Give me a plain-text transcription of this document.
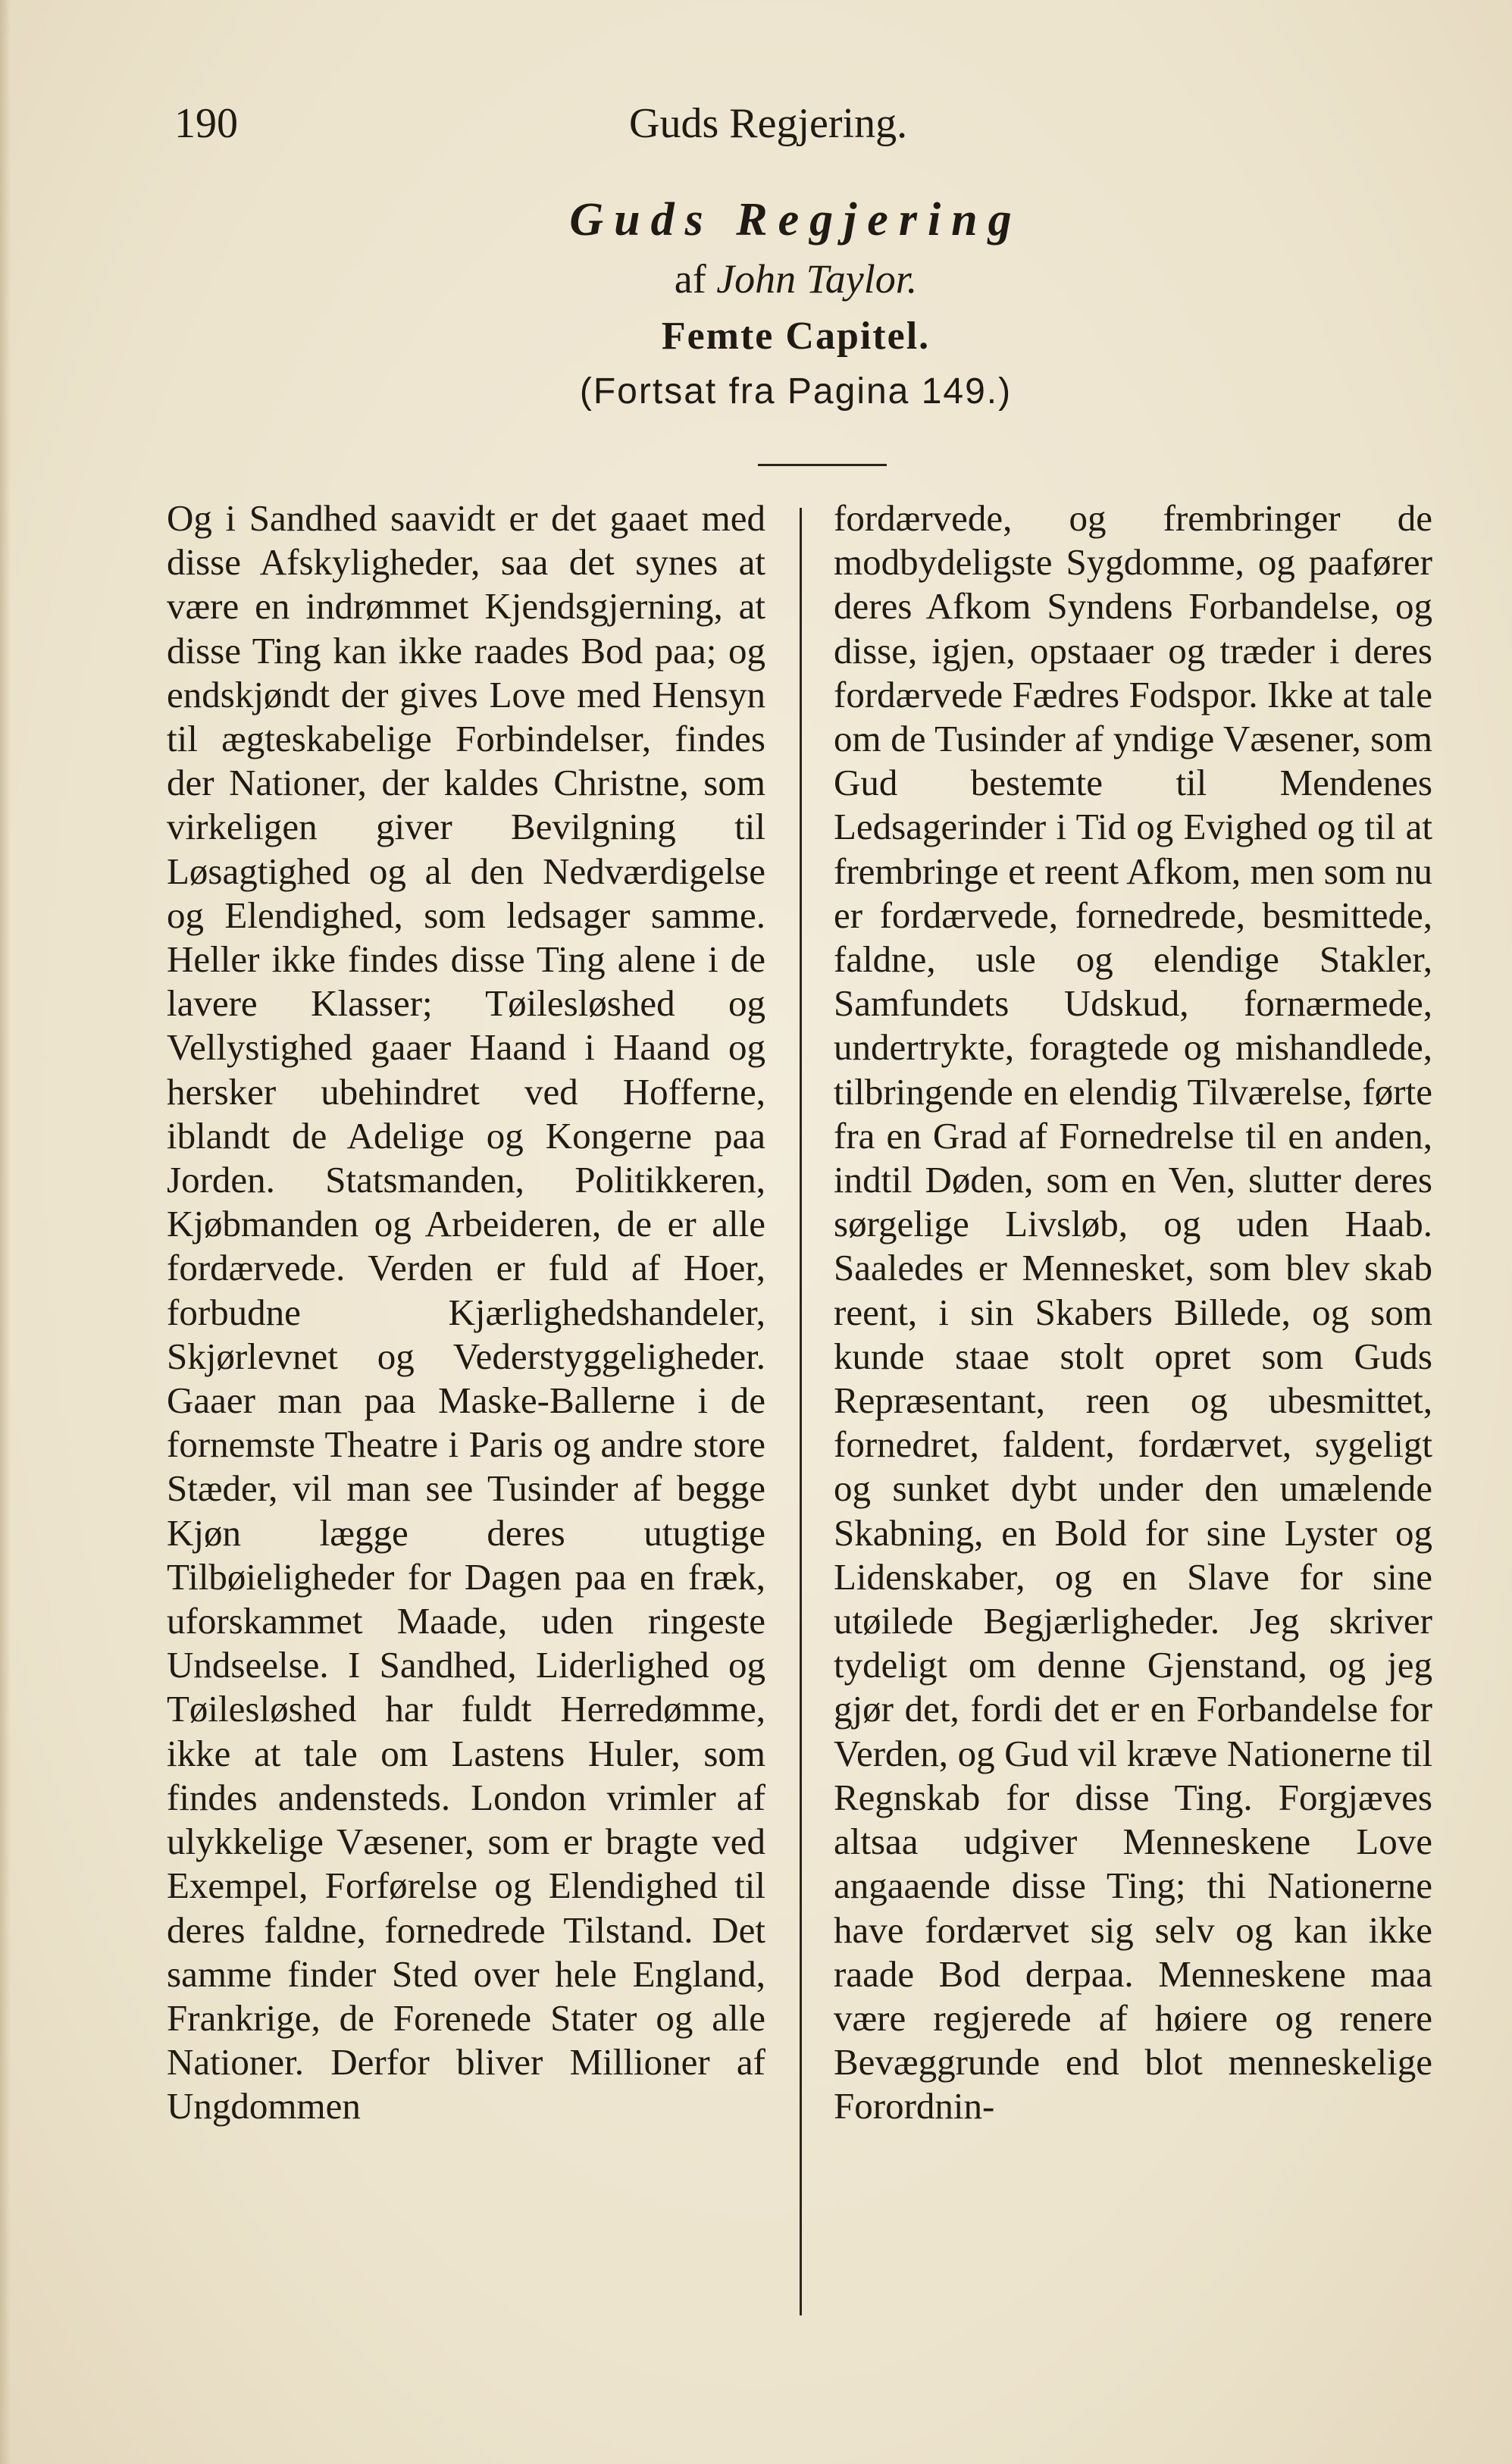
190	Guds Regjering.
Guds Regjering
af John Taylor.
Femte Capitel.
(Fortsat fra Pagina 149.)

Og i Sandhed saavidt er det gaaet med disse Afskyligheder, saa det synes at være en indrømmet Kjendsgjerning, at disse Ting kan ikke raades Bod paa; og endskjøndt der gives Love med Hensyn til ægteskabelige Forbindelser, findes der Nationer, der kaldes Christne, som virkeligen giver Bevilgning til Løsagtighed og al den Nedværdigelse og Elendighed, som ledsager samme. Heller ikke findes disse Ting alene i de lavere Klasser; Tøilesløshed og Vellystighed gaaer Haand i Haand og hersker ubehindret ved Hofferne, iblandt de Adelige og Kongerne paa Jorden. Statsmanden, Politikkeren, Kjøbmanden og Arbeideren, de er alle fordærvede. Verden er fuld af Hoer, forbudne Kjærlighedshandeler, Skjørlevnet og Vederstyggeligheder. Gaaer man paa Maske-Ballerne i de fornemste Theatre i Paris og andre store Stæder, vil man see Tusinder af begge Kjøn lægge deres utugtige Tilbøieligheder for Dagen paa en fræk, uforskammet Maade, uden ringeste Undseelse. I Sandhed, Liderlighed og Tøilesløshed har fuldt Herredømme, ikke at tale om Lastens Huler, som findes andensteds. London vrimler af ulykkelige Væsener, som er bragte ved Exempel, Forførelse og Elendighed til deres faldne, fornedrede Tilstand. Det samme finder Sted over hele England, Frankrige, de Forenede Stater og alle Nationer. Derfor bliver Millioner af Ungdommen

fordærvede, og frembringer de modbydeligste Sygdomme, og paafører deres Afkom Syndens Forbandelse, og disse, igjen, opstaaer og træder i deres fordærvede Fædres Fodspor. Ikke at tale om de Tusinder af yndige Væsener, som Gud bestemte til Mendenes Ledsagerinder i Tid og Evighed og til at frembringe et reent Afkom, men som nu er fordærvede, fornedrede, besmittede, faldne, usle og elendige Stakler, Samfundets Udskud, fornærmede, undertrykte, foragtede og mishandlede, tilbringende en elendig Tilværelse, førte fra en Grad af Fornedrelse til en anden, indtil Døden, som en Ven, slutter deres sørgelige Livsløb, og uden Haab. Saaledes er Mennesket, som blev skab reent, i sin Skabers Billede, og som kunde staae stolt opret som Guds Repræsentant, reen og ubesmittet, fornedret, faldent, fordærvet, sygeligt og sunket dybt under den umælende Skabning, en Bold for sine Lyster og Lidenskaber, og en Slave for sine utøilede Begjærligheder. Jeg skriver tydeligt om denne Gjenstand, og jeg gjør det, fordi det er en Forbandelse for Verden, og Gud vil kræve Nationerne til Regnskab for disse Ting. Forgjæves altsaa udgiver Menneskene Love angaaende disse Ting; thi Nationerne have fordærvet sig selv og kan ikke raade Bod derpaa. Menneskene maa være regjerede af høiere og renere Bevæggrunde end blot menneskelige Forordnin-
